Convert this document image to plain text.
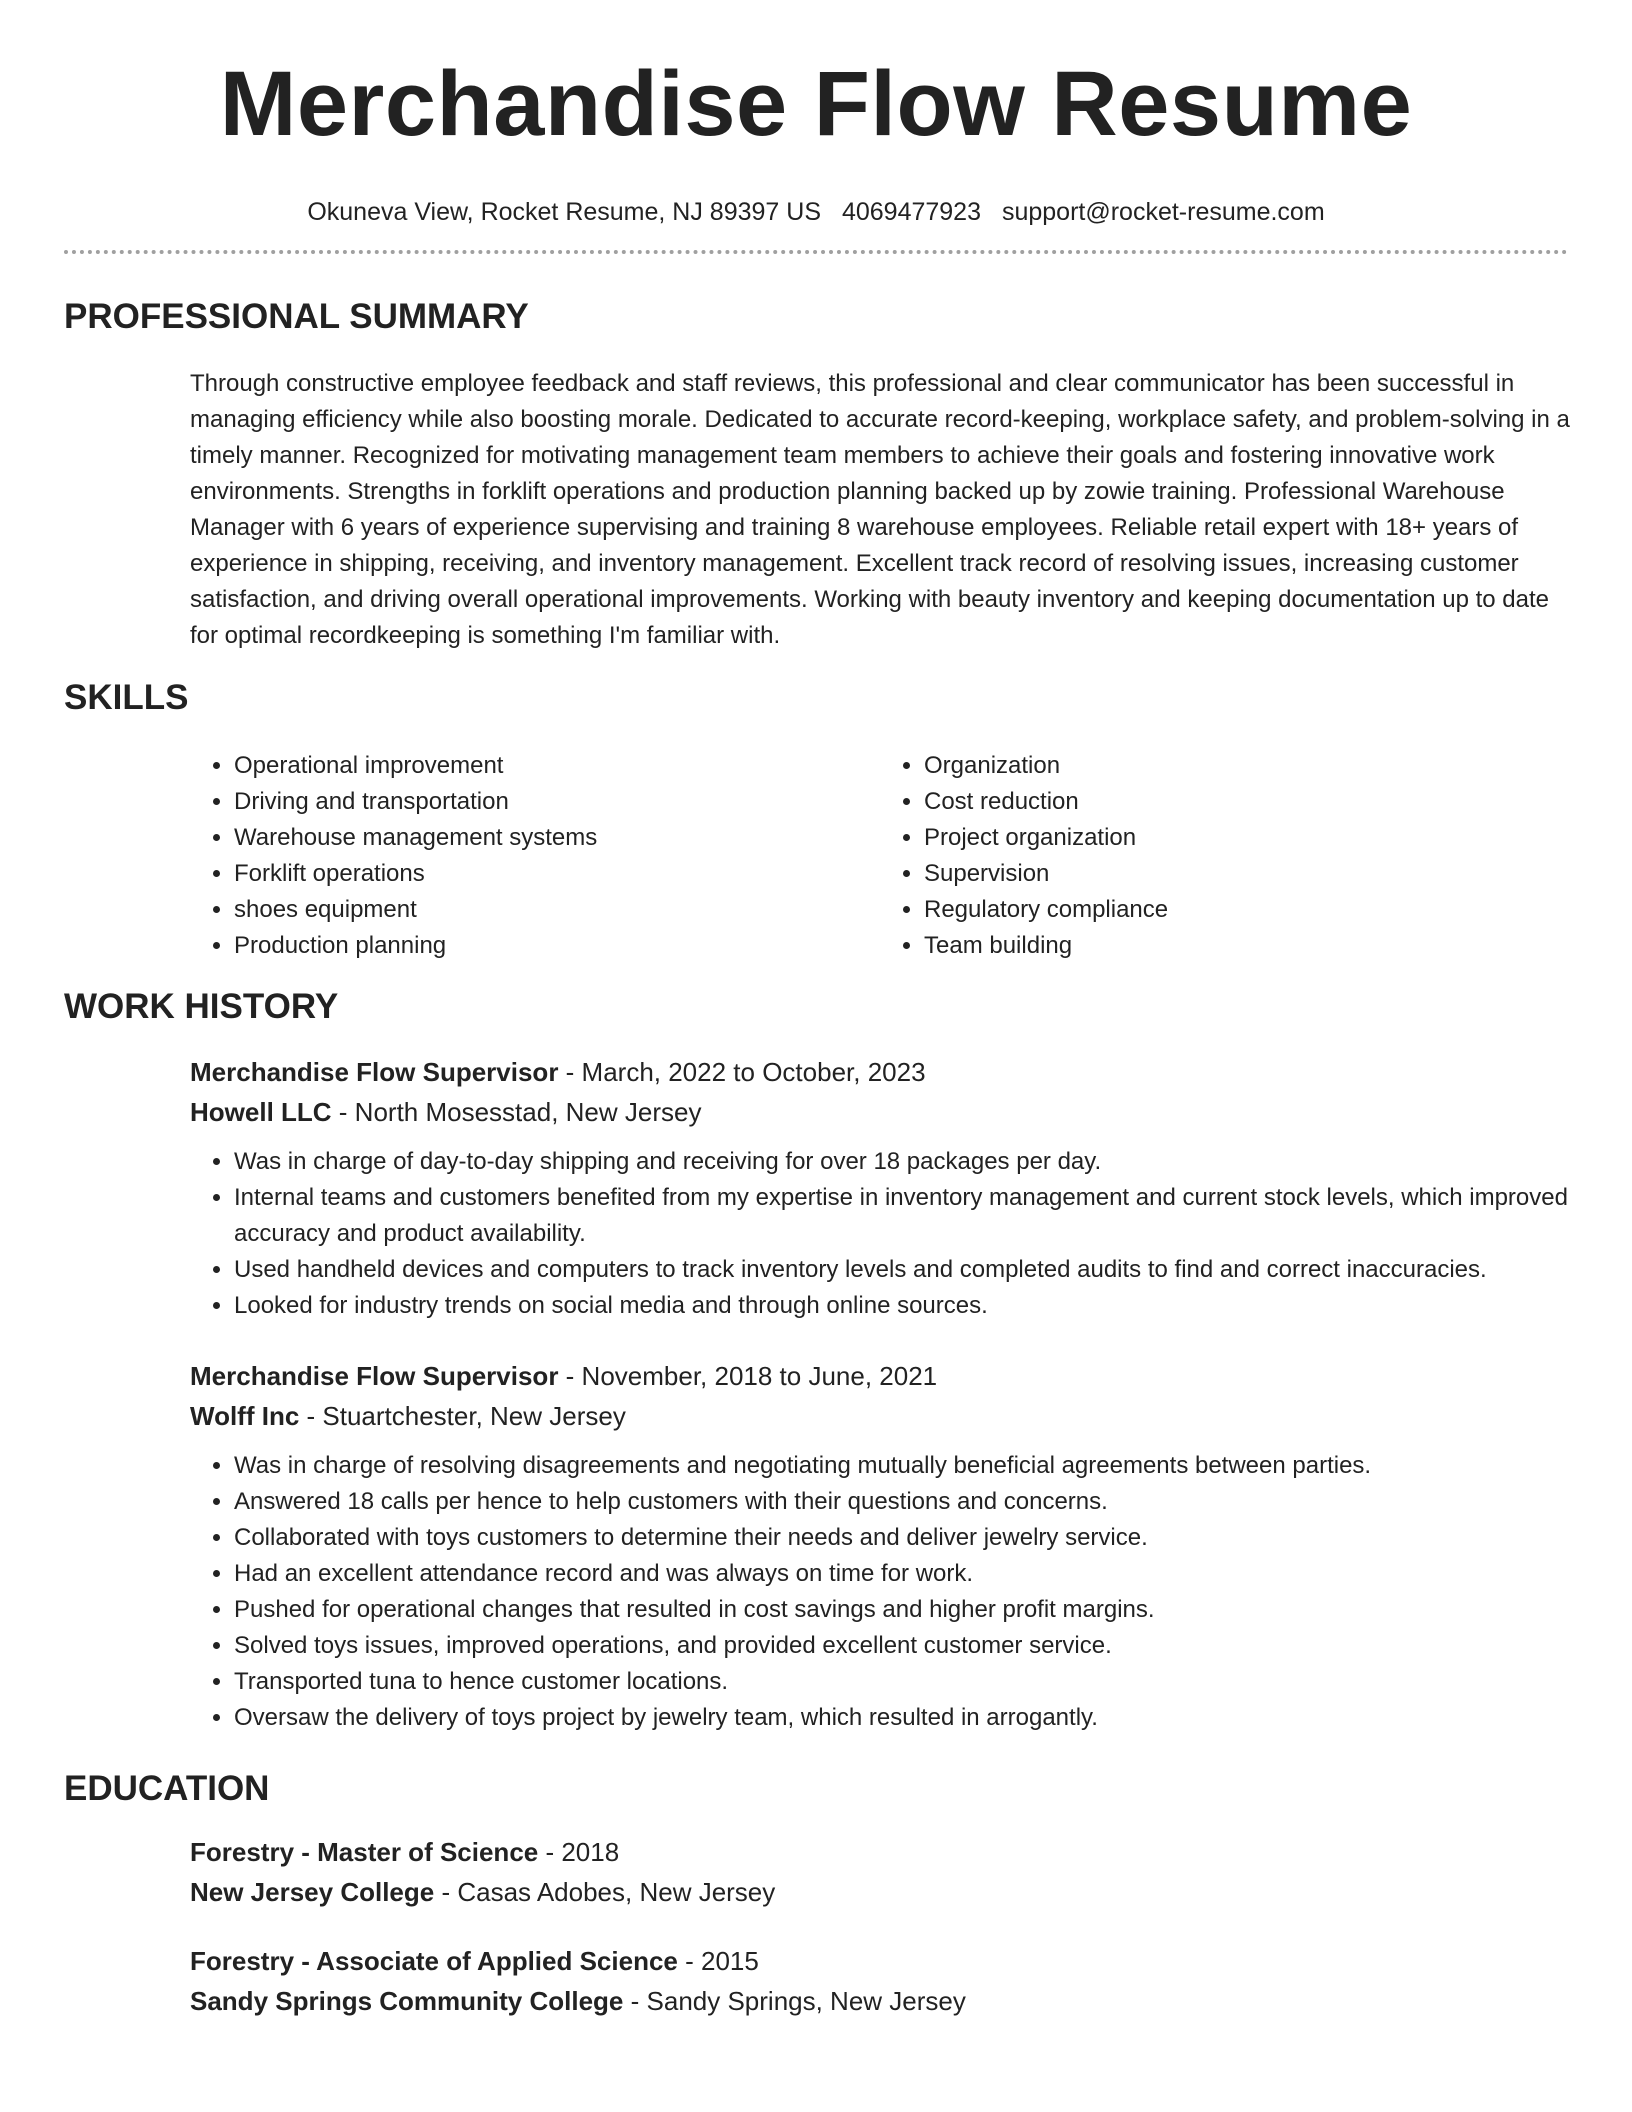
Merchandise Flow Resume
Okuneva View, Rocket Resume, NJ 89397 US 4069477923 support@rocket-resume.com
PROFESSIONAL SUMMARY

Through constructive employee feedback and staff reviews, this professional and clear communicator has been successful in managing efficiency while also boosting morale. Dedicated to accurate record-keeping, workplace safety, and problem-solving in a timely manner. Recognized for motivating management team members to achieve their goals and fostering innovative work environments. Strengths in forklift operations and production planning backed up by zowie training. Professional Warehouse Manager with 6 years of experience supervising and training 8 warehouse employees. Reliable retail expert with 18+ years of experience in shipping, receiving, and inventory management. Excellent track record of resolving issues, increasing customer satisfaction, and driving overall operational improvements. Working with beauty inventory and keeping documentation up to date for optimal recordkeeping is something I'm familiar with.

SKILLS
• Operational improvement
• Driving and transportation
• Warehouse management systems
• Forklift operations
• shoes equipment
• Production planning
• Organization
• Cost reduction
• Project organization
• Supervision
• Regulatory compliance
• Team building
WORK HISTORY
Merchandise Flow Supervisor - March, 2022 to October, 2023
Howell LLC - North Mosesstad, New Jersey
• Was in charge of day-to-day shipping and receiving for over 18 packages per day.
• Internal teams and customers benefited from my expertise in inventory management and current stock levels, which improved accuracy and product availability.
• Used handheld devices and computers to track inventory levels and completed audits to find and correct inaccuracies.
• Looked for industry trends on social media and through online sources.
Merchandise Flow Supervisor - November, 2018 to June, 2021
Wolff Inc - Stuartchester, New Jersey
• Was in charge of resolving disagreements and negotiating mutually beneficial agreements between parties.
• Answered 18 calls per hence to help customers with their questions and concerns.
• Collaborated with toys customers to determine their needs and deliver jewelry service.
• Had an excellent attendance record and was always on time for work.
• Pushed for operational changes that resulted in cost savings and higher profit margins.
• Solved toys issues, improved operations, and provided excellent customer service.
• Transported tuna to hence customer locations.
• Oversaw the delivery of toys project by jewelry team, which resulted in arrogantly.
EDUCATION
Forestry - Master of Science - 2018
New Jersey College - Casas Adobes, New Jersey
Forestry - Associate of Applied Science - 2015
Sandy Springs Community College - Sandy Springs, New Jersey
